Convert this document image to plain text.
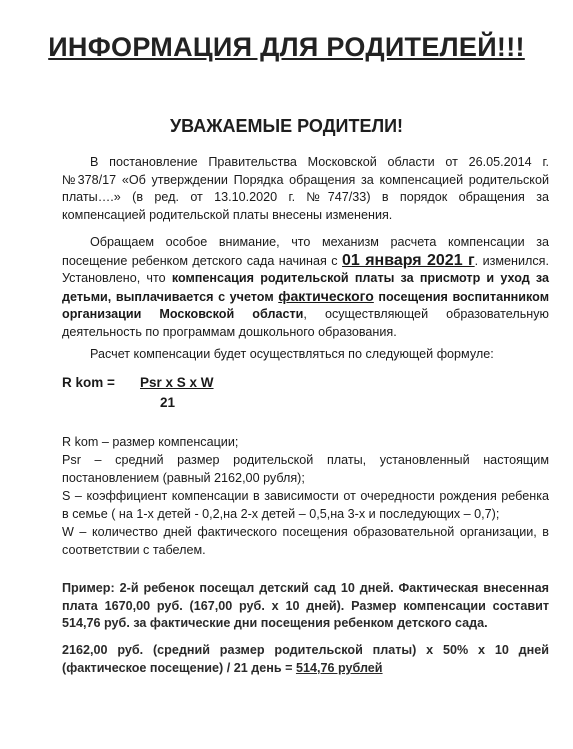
ИНФОРМАЦИЯ ДЛЯ РОДИТЕЛЕЙ!!!
УВАЖАЕМЫЕ РОДИТЕЛИ!

В постановление Правительства Московской области от 26.05.2014 г. №378/17 «Об утверждении Порядка обращения за компенсацией родительской платы….» (в ред. от 13.10.2020 г. №747/33) в порядок обращения за компенсацией родительской платы внесены изменения.

Обращаем особое внимание, что механизм расчета компенсации за посещение ребенком детского сада начиная с 01 января 2021 г. изменился. Установлено, что компенсация родительской платы за присмотр и уход за детьми, выплачивается с учетом фактического посещения воспитанником организации Московской области, осуществляющей образовательную деятельность по программам дошкольного образования.

Расчет компенсации будет осуществляться по следующей формуле:

R kom = Psr x S x W
21

R kom – размер компенсации;

Psr – средний размер родительской платы, установленный настоящим постановлением (равный 2162,00 рубля);

S – коэффициент компенсации в зависимости от очередности рождения ребенка в семье ( на 1-х детей - 0,2,на 2-х детей – 0,5,на 3-х и последующих – 0,7);

W – количество дней фактического посещения образовательной организации, в соответствии с табелем.

Пример: 2-й ребенок посещал детский сад 10 дней. Фактическая внесенная плата 1670,00 руб. (167,00 руб. x 10 дней). Размер компенсации составит 514,76 руб. за фактические дни посещения ребенком детского сада.

2162,00 руб. (средний размер родительской платы) х 50% х 10 дней (фактическое посещение) / 21 день = 514,76 рублей
